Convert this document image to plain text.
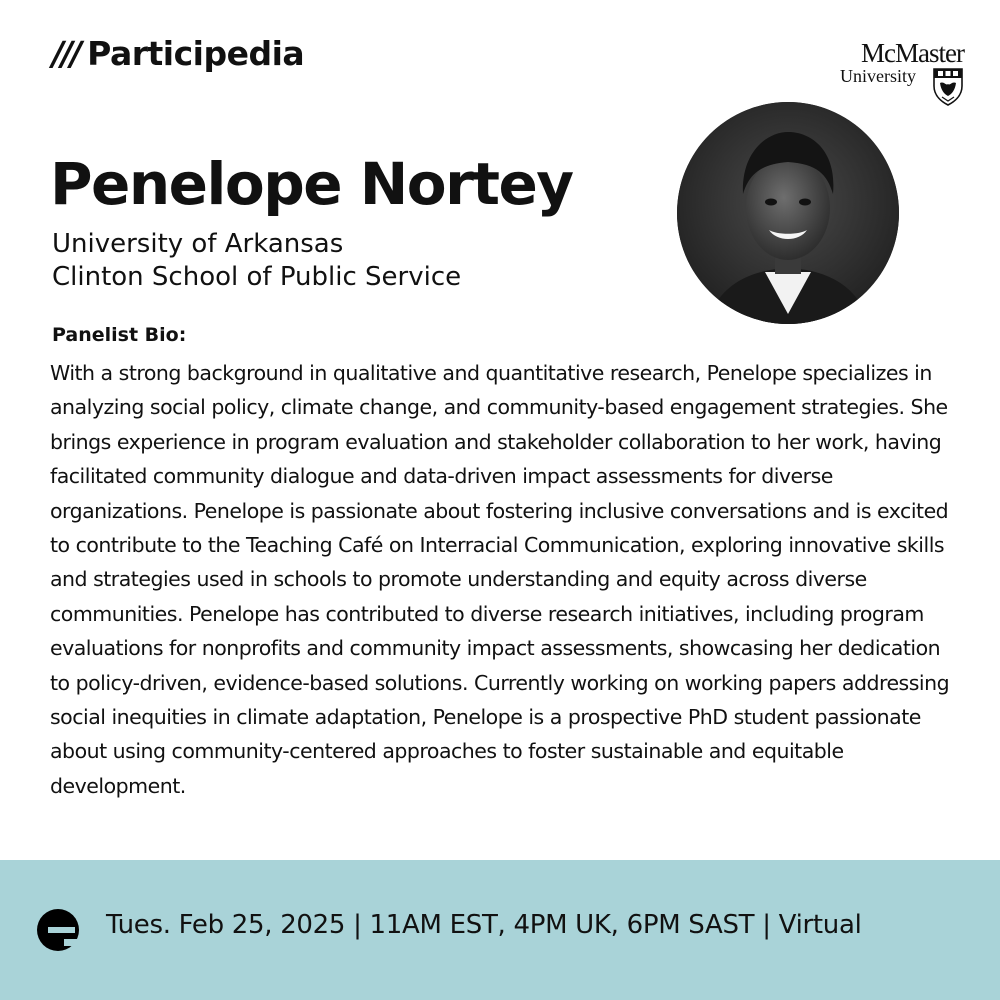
/// Participedia	McMaster
University
Penelope Nortey
University of Arkansas
Clinton School of Public Service
Panelist Bio:

With a strong background in qualitative and quantitative research, Penelope specializes in analyzing social policy, climate change, and community-based engagement strategies. She brings experience in program evaluation and stakeholder collaboration to her work, having facilitated community dialogue and data-driven impact assessments for diverse organizations. Penelope is passionate about fostering inclusive conversations and is excited to contribute to the Teaching Café on Interracial Communication, exploring innovative skills and strategies used in schools to promote understanding and equity across diverse communities. Penelope has contributed to diverse research initiatives, including program evaluations for nonprofits and community impact assessments, showcasing her dedication to policy-driven, evidence-based solutions. Currently working on working papers addressing social inequities in climate adaptation, Penelope is a prospective PhD student passionate about using community-centered approaches to foster sustainable and equitable development.

Tues. Feb 25, 2025 | 11AM EST, 4PM UK, 6PM SAST | Virtual
